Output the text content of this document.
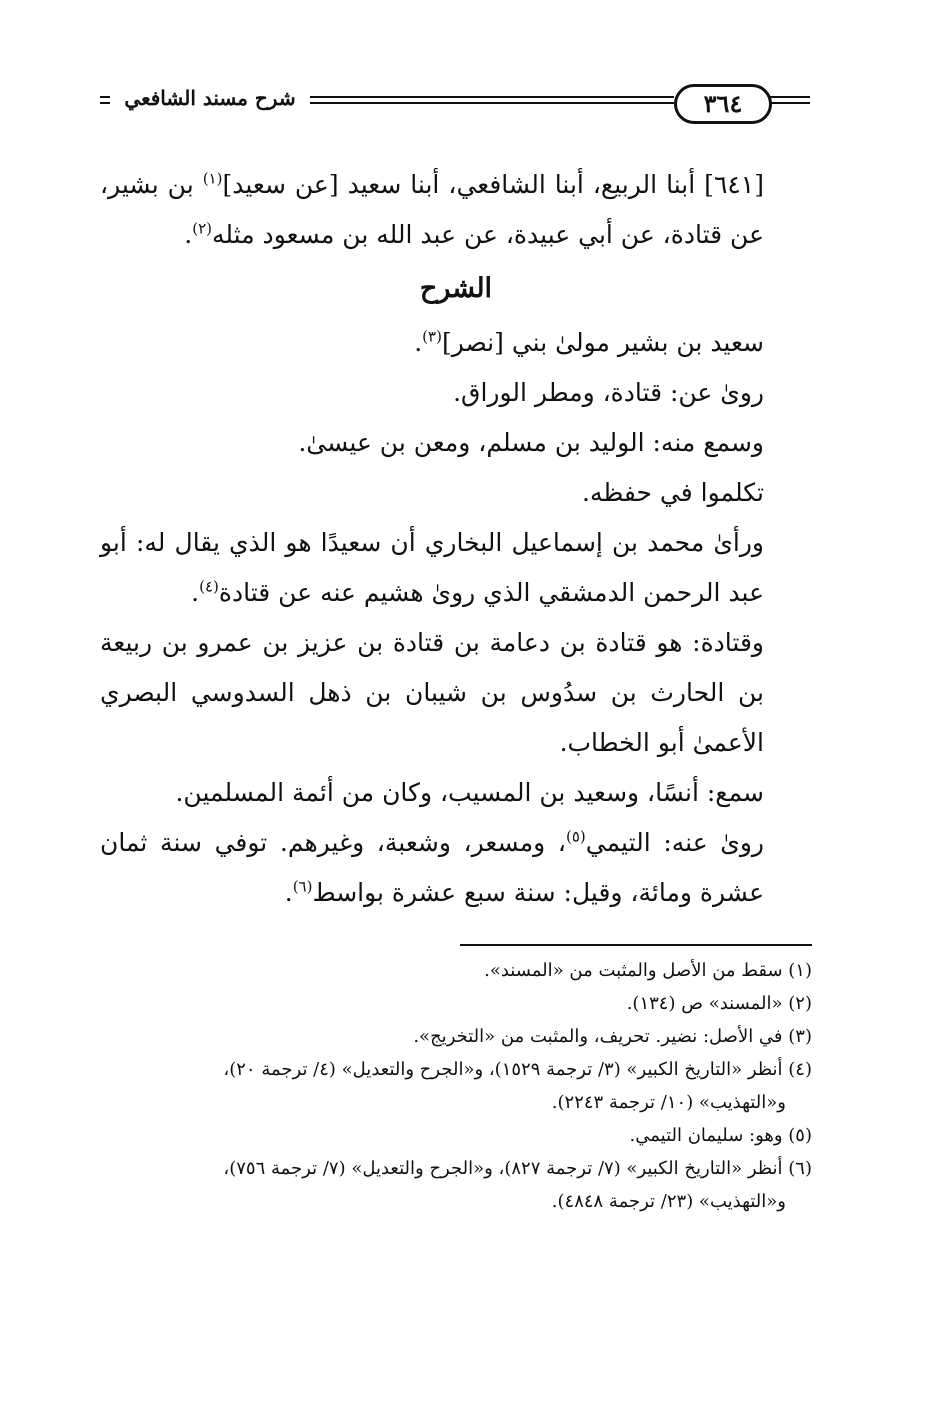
شرح مسند الشافعي	٣٦٤

[٦٤١] أبنا الربيع، أبنا الشافعي، أبنا سعيد [عن سعيد]$^{(١)}$ بن بشير، عن قتادة، عن أبي عبيدة، عن عبد الله بن مسعود مثله$^{(٢)}$.

الشرح

سعيد بن بشير مولىٰ بني [نصر]$^{(٣)}$.

رویٰ عن: قتادة، ومطر الوراق.

وسمع منه: الوليد بن مسلم، ومعن بن عيسىٰ.

تكلموا في حفظه.

ورأىٰ محمد بن إسماعيل البخاري أن سعيدًا هو الذي يقال له: أبو عبد الرحمن الدمشقي الذي رویٰ هشيم عنه عن قتادة$^{(٤)}$.

وقتادة: هو قتادة بن دعامة بن قتادة بن عزيز بن عمرو بن ربيعة بن الحارث بن سدُوس بن شيبان بن ذهل السدوسي البصري الأعمىٰ أبو الخطاب.

سمع: أنسًا، وسعيد بن المسيب، وكان من أئمة المسلمين.

رویٰ عنه: التيمي$^{(٥)}$، ومسعر، وشعبة، وغيرهم. توفي سنة ثمان عشرة ومائة، وقيل: سنة سبع عشرة بواسط$^{(٦)}$.

(١) سقط من الأصل والمثبت من «المسند».

(٢) «المسند» ص (١٣٤).

(٣) في الأصل: نضير. تحريف، والمثبت من «التخريج».

(٤) أنظر «التاريخ الكبير» (٣/ ترجمة ١٥٢٩)، و«الجرح والتعديل» (٤/ ترجمة ٢٠)،

و«التهذيب» (١٠/ ترجمة ٢٢٤٣).

(٥) وهو: سليمان التيمي.

(٦) أنظر «التاريخ الكبير» (٧/ ترجمة ٨٢٧)، و«الجرح والتعديل» (٧/ ترجمة ٧٥٦)،

و«التهذيب» (٢٣/ ترجمة ٤٨٤٨).
